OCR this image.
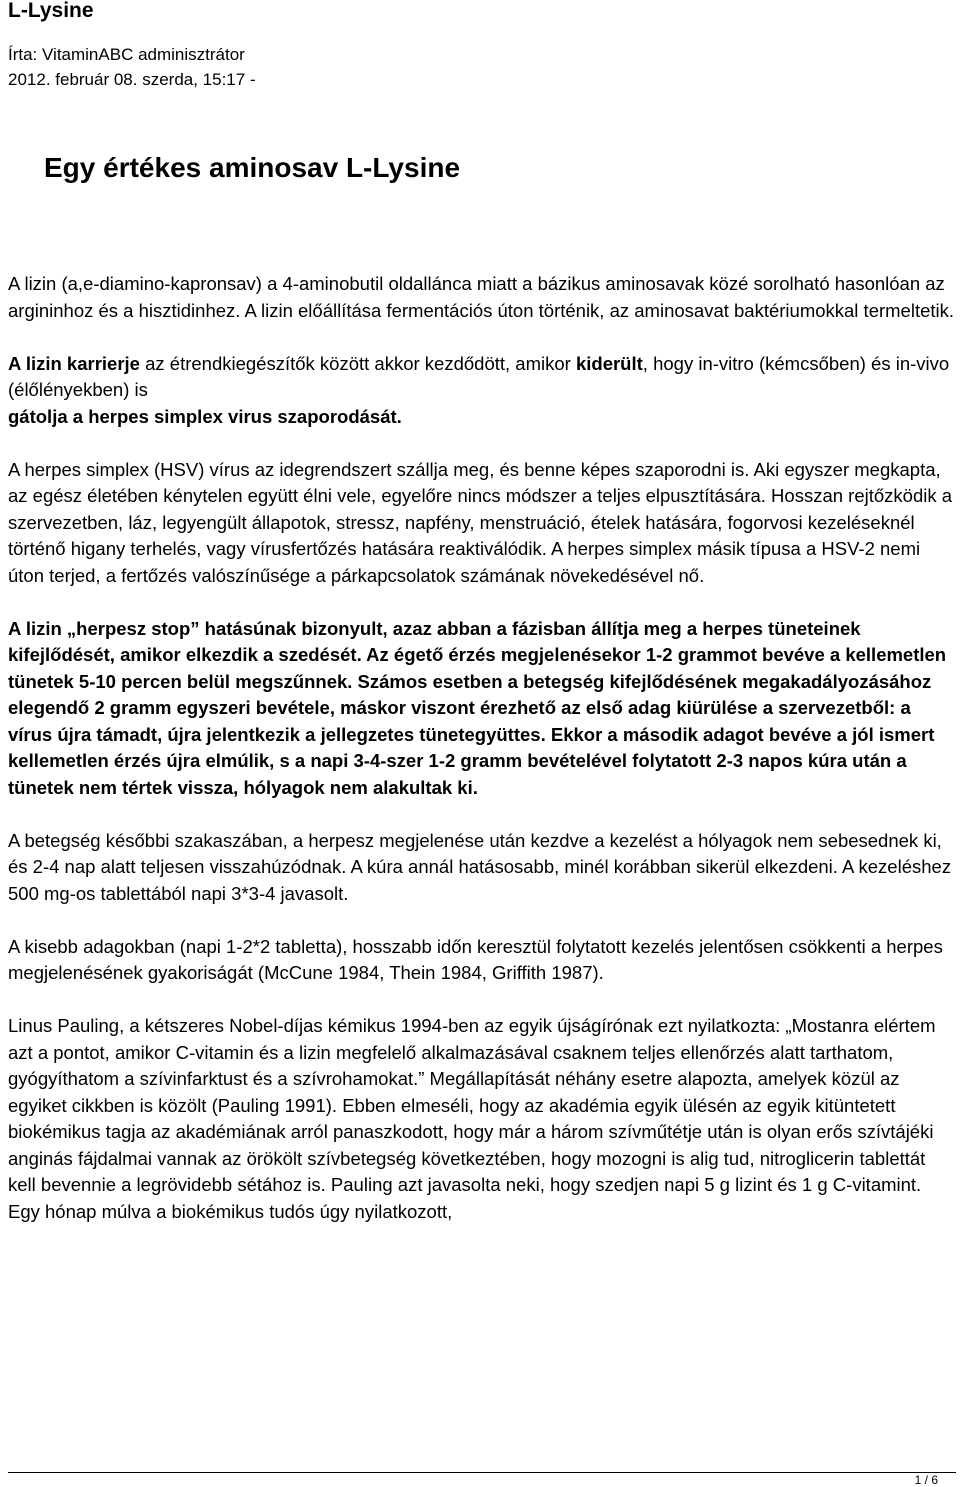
L-Lysine
Írta: VitaminABC adminisztrátor
2012. február 08. szerda, 15:17 -
Egy értékes aminosav L-Lysine

A lizin (a,e-diamino-kapronsav) a 4-aminobutil oldallánca miatt a bázikus aminosavak közé sorolható hasonlóan az argininhoz és a hisztidinhez. A lizin előállítása fermentációs úton történik, az aminosavat baktériumokkal termeltetik.

A lizin karrierje az étrendkiegészítők között akkor kezdődött, amikor kiderült, hogy in-vitro (kémcsőben) és in-vivo (élőlényekben) is
gátolja a herpes simplex virus szaporodását.

A herpes simplex (HSV) vírus az idegrendszert szállja meg, és benne képes szaporodni is. Aki egyszer megkapta, az egész életében kénytelen együtt élni vele, egyelőre nincs módszer a teljes elpusztítására. Hosszan rejtőzködik a szervezetben, láz, legyengült állapotok, stressz, napfény, menstruáció, ételek hatására, fogorvosi kezeléseknél történő higany terhelés, vagy vírusfertőzés hatására reaktiválódik. A herpes simplex másik típusa a HSV-2 nemi úton terjed, a fertőzés valószínűsége a párkapcsolatok számának növekedésével nő.

A lizin „herpesz stop” hatásúnak bizonyult, azaz abban a fázisban állítja meg a herpes tüneteinek kifejlődését, amikor elkezdik a szedését. Az égető érzés megjelenésekor 1-2 grammot bevéve a kellemetlen tünetek 5-10 percen belül megszűnnek. Számos esetben a betegség kifejlődésének megakadályozásához elegendő 2 gramm egyszeri bevétele, máskor viszont érezhető az első adag kiürülése a szervezetből: a vírus újra támadt, újra jelentkezik a jellegzetes tünetegyüttes. Ekkor a második adagot bevéve a jól ismert kellemetlen érzés újra elmúlik, s a napi 3-4-szer 1-2 gramm bevételével folytatott 2-3 napos kúra után a tünetek nem tértek vissza, hólyagok nem alakultak ki.

A betegség későbbi szakaszában, a herpesz megjelenése után kezdve a kezelést a hólyagok nem sebesednek ki, és 2-4 nap alatt teljesen visszahúzódnak. A kúra annál hatásosabb, minél korábban sikerül elkezdeni. A kezeléshez 500 mg-os tablettából napi 3*3-4 javasolt.

A kisebb adagokban (napi 1-2*2 tabletta), hosszabb időn keresztül folytatott kezelés jelentősen csökkenti a herpes megjelenésének gyakoriságát (McCune 1984, Thein 1984, Griffith 1987).

Linus Pauling, a kétszeres Nobel-díjas kémikus 1994-ben az egyik újságírónak ezt nyilatkozta: „Mostanra elértem azt a pontot, amikor C-vitamin és a lizin megfelelő alkalmazásával csaknem teljes ellenőrzés alatt tarthatom, gyógyíthatom a szívinfarktust és a szívrohamokat.” Megállapítását néhány esetre alapozta, amelyek közül az egyiket cikkben is közölt (Pauling 1991). Ebben elmeséli, hogy az akadémia egyik ülésén az egyik kitüntetett biokémikus tagja az akadémiának arról panaszkodott, hogy már a három szívműtétje után is olyan erős szívtájéki anginás fájdalmai vannak az örökölt szívbetegség következtében, hogy mozogni is alig tud, nitroglicerin tablettát kell bevennie a legrövidebb sétához is. Pauling azt javasolta neki, hogy szedjen napi 5 g lizint és 1 g C-vitamint. Egy hónap múlva a biokémikus tudós úgy nyilatkozott,

1 / 6
